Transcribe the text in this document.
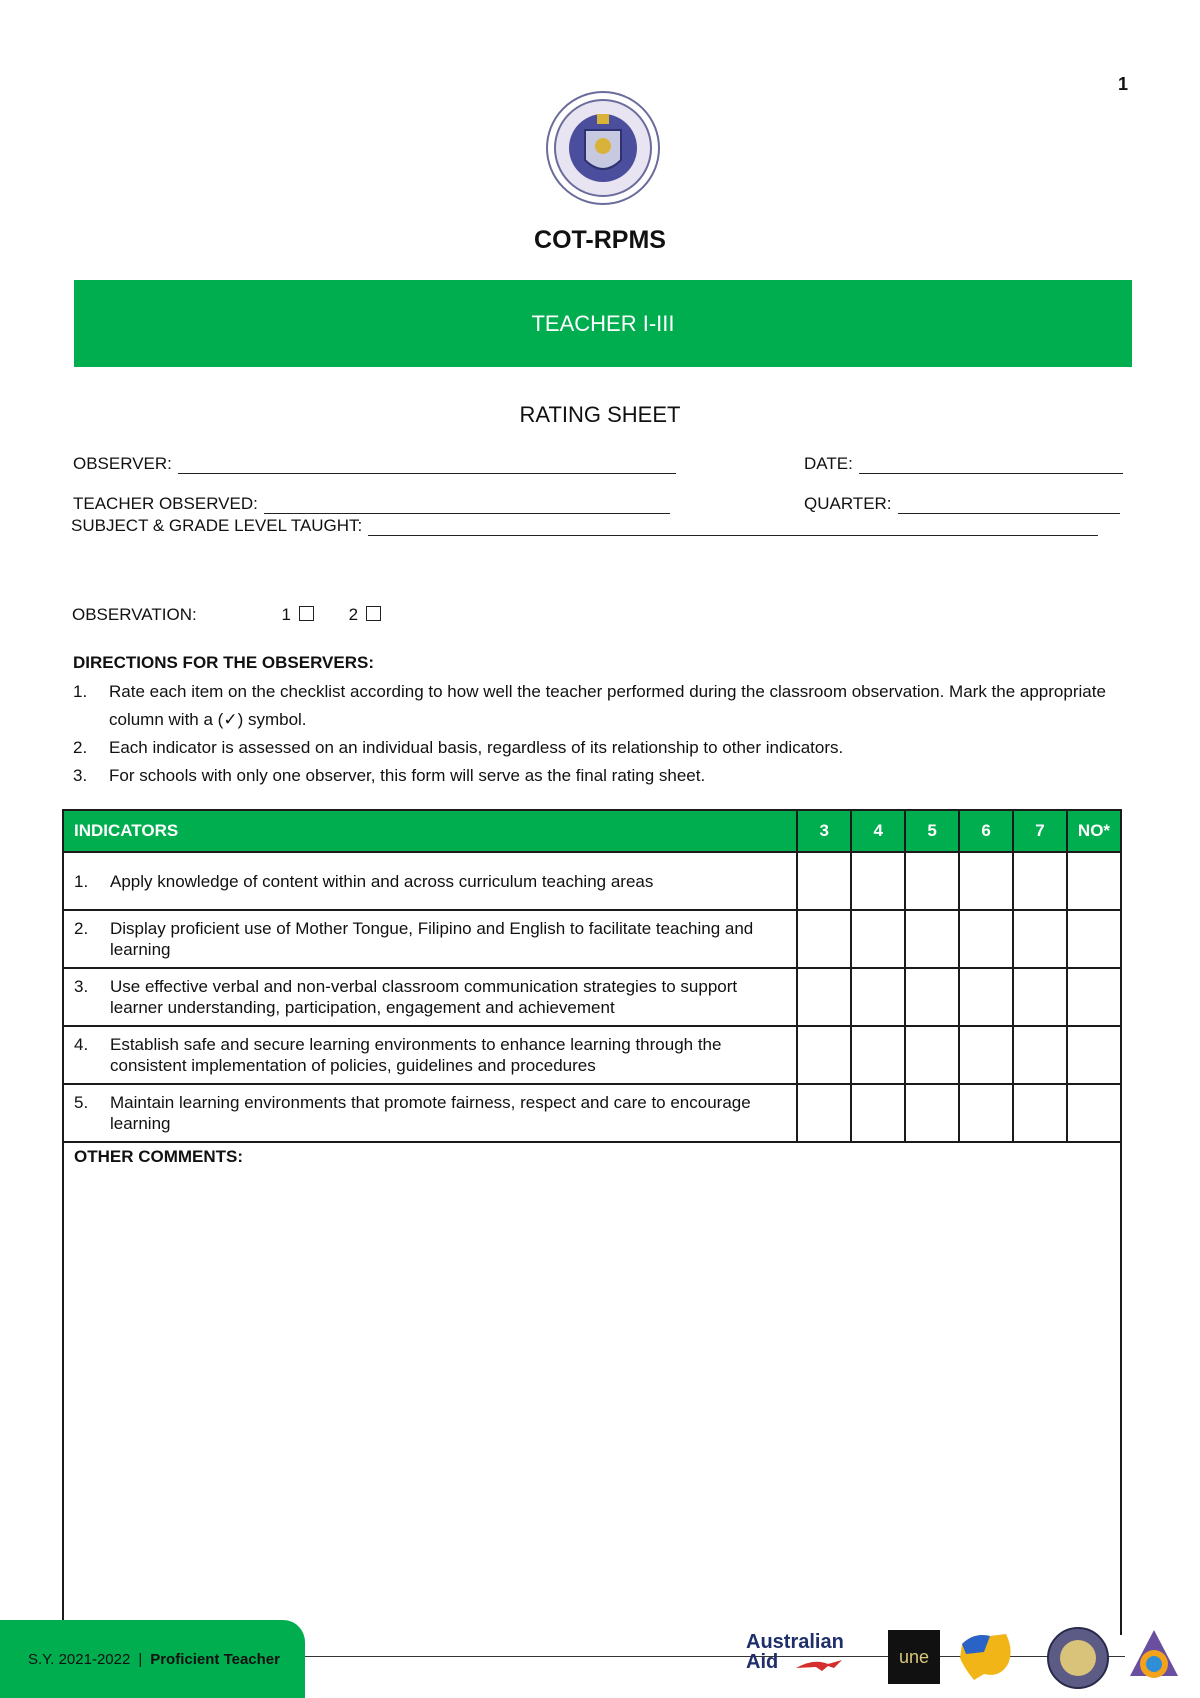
1
COT-RPMS
TEACHER I-III
RATING SHEET
OBSERVER:	DATE:
TEACHER OBSERVED:	QUARTER:
SUBJECT & GRADE LEVEL TAUGHT:
OBSERVATION:	1	2
DIRECTIONS FOR THE OBSERVERS:
1.	Rate each item on the checklist according to how well the teacher performed during the classroom observation. Mark the appropriate column with a (✓) symbol.
2.	Each indicator is assessed on an individual basis, regardless of its relationship to other indicators.
3.	For schools with only one observer, this form will serve as the final rating sheet.
INDICATORS	3	4	5	6	7	NO*

1. Apply knowledge of content within and across curriculum teaching areas						

2. Display proficient use of Mother Tongue, Filipino and English to facilitate teaching and learning						

3. Use effective verbal and non-verbal classroom communication strategies to support learner understanding, participation, engagement and achievement						

4. Establish safe and secure learning environments to enhance learning through the consistent implementation of policies, guidelines and procedures						

5. Maintain learning environments that promote fairness, respect and care to encourage learning						

OTHER COMMENTS:
S.Y. 2021-2022 | Proficient Teacher
Australian
Aid	une
